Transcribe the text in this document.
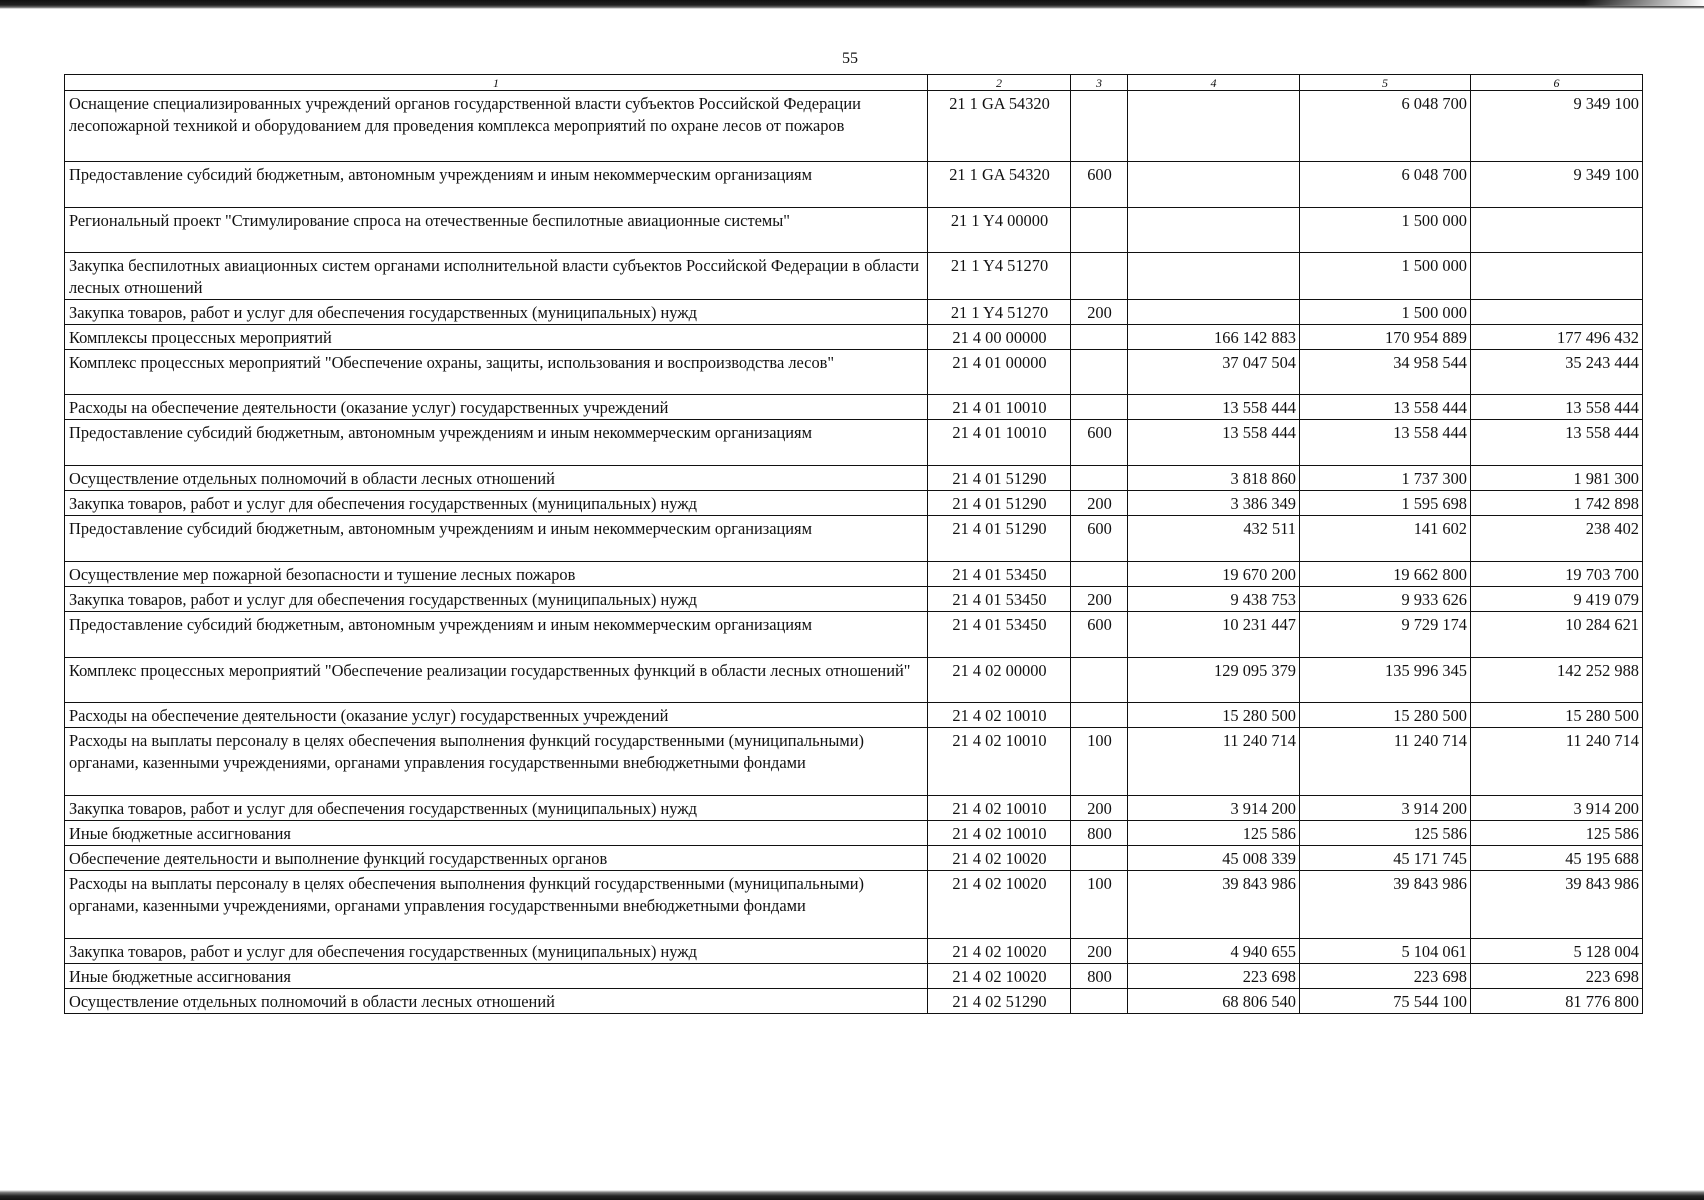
55
1	2	3	4	5	6
Оснащение специализированных учреждений органов государственной власти субъектов Российской Федерации лесопожарной техникой и оборудованием для проведения комплекса мероприятий по охране лесов от пожаров	21 1 GA 54320			6 048 700	9 349 100
Предоставление субсидий бюджетным, автономным учреждениям и иным некоммерческим организациям	21 1 GA 54320	600		6 048 700	9 349 100
Региональный проект "Стимулирование спроса на отечественные беспилотные авиационные системы"	21 1 Y4 00000			1 500 000	
Закупка беспилотных авиационных систем органами исполнительной власти субъектов Российской Федерации в области лесных отношений	21 1 Y4 51270			1 500 000	
Закупка товаров, работ и услуг для обеспечения государственных (муниципальных) нужд	21 1 Y4 51270	200		1 500 000	
Комплексы процессных мероприятий	21 4 00 00000		166 142 883	170 954 889	177 496 432
Комплекс процессных мероприятий "Обеспечение охраны, защиты, использования и воспроизводства лесов"	21 4 01 00000		37 047 504	34 958 544	35 243 444
Расходы на обеспечение деятельности (оказание услуг) государственных учреждений	21 4 01 10010		13 558 444	13 558 444	13 558 444
Предоставление субсидий бюджетным, автономным учреждениям и иным некоммерческим организациям	21 4 01 10010	600	13 558 444	13 558 444	13 558 444
Осуществление отдельных полномочий в области лесных отношений	21 4 01 51290		3 818 860	1 737 300	1 981 300
Закупка товаров, работ и услуг для обеспечения государственных (муниципальных) нужд	21 4 01 51290	200	3 386 349	1 595 698	1 742 898
Предоставление субсидий бюджетным, автономным учреждениям и иным некоммерческим организациям	21 4 01 51290	600	432 511	141 602	238 402
Осуществление мер пожарной безопасности и тушение лесных пожаров	21 4 01 53450		19 670 200	19 662 800	19 703 700
Закупка товаров, работ и услуг для обеспечения государственных (муниципальных) нужд	21 4 01 53450	200	9 438 753	9 933 626	9 419 079
Предоставление субсидий бюджетным, автономным учреждениям и иным некоммерческим организациям	21 4 01 53450	600	10 231 447	9 729 174	10 284 621
Комплекс процессных мероприятий "Обеспечение реализации государственных функций в области лесных отношений"	21 4 02 00000		129 095 379	135 996 345	142 252 988
Расходы на обеспечение деятельности (оказание услуг) государственных учреждений	21 4 02 10010		15 280 500	15 280 500	15 280 500
Расходы на выплаты персоналу в целях обеспечения выполнения функций государственными (муниципальными) органами, казенными учреждениями, органами управления государственными внебюджетными фондами	21 4 02 10010	100	11 240 714	11 240 714	11 240 714
Закупка товаров, работ и услуг для обеспечения государственных (муниципальных) нужд	21 4 02 10010	200	3 914 200	3 914 200	3 914 200
Иные бюджетные ассигнования	21 4 02 10010	800	125 586	125 586	125 586
Обеспечение деятельности и выполнение функций государственных органов	21 4 02 10020		45 008 339	45 171 745	45 195 688
Расходы на выплаты персоналу в целях обеспечения выполнения функций государственными (муниципальными) органами, казенными учреждениями, органами управления государственными внебюджетными фондами	21 4 02 10020	100	39 843 986	39 843 986	39 843 986
Закупка товаров, работ и услуг для обеспечения государственных (муниципальных) нужд	21 4 02 10020	200	4 940 655	5 104 061	5 128 004
Иные бюджетные ассигнования	21 4 02 10020	800	223 698	223 698	223 698
Осуществление отдельных полномочий в области лесных отношений	21 4 02 51290		68 806 540	75 544 100	81 776 800
